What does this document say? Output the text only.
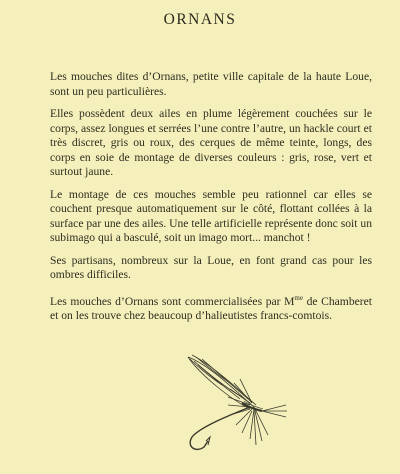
ORNANS

Les mouches dites d’Ornans, petite ville capitale de la haute Loue, sont un peu particulières.

Elles possèdent deux ailes en plume légèrement couchées sur le corps, assez longues et serrées l’une contre l’autre, un hackle court et très discret, gris ou roux, des cerques de même teinte, longs, des corps en soie de montage de diverses couleurs : gris, rose, vert et surtout jaune.

Le montage de ces mouches semble peu rationnel car elles se couchent presque automatiquement sur le côté, flottant collées à la surface par une des ailes. Une telle artificielle représente donc soit un subimago qui a basculé, soit un imago mort... manchot !

Ses partisans, nombreux sur la Loue, en font grand cas pour les ombres difficiles.

Les mouches d’Ornans sont commercialisées par $M^{me}$ de Chamberet et on les trouve chez beaucoup d’halieutistes francs-comtois.
